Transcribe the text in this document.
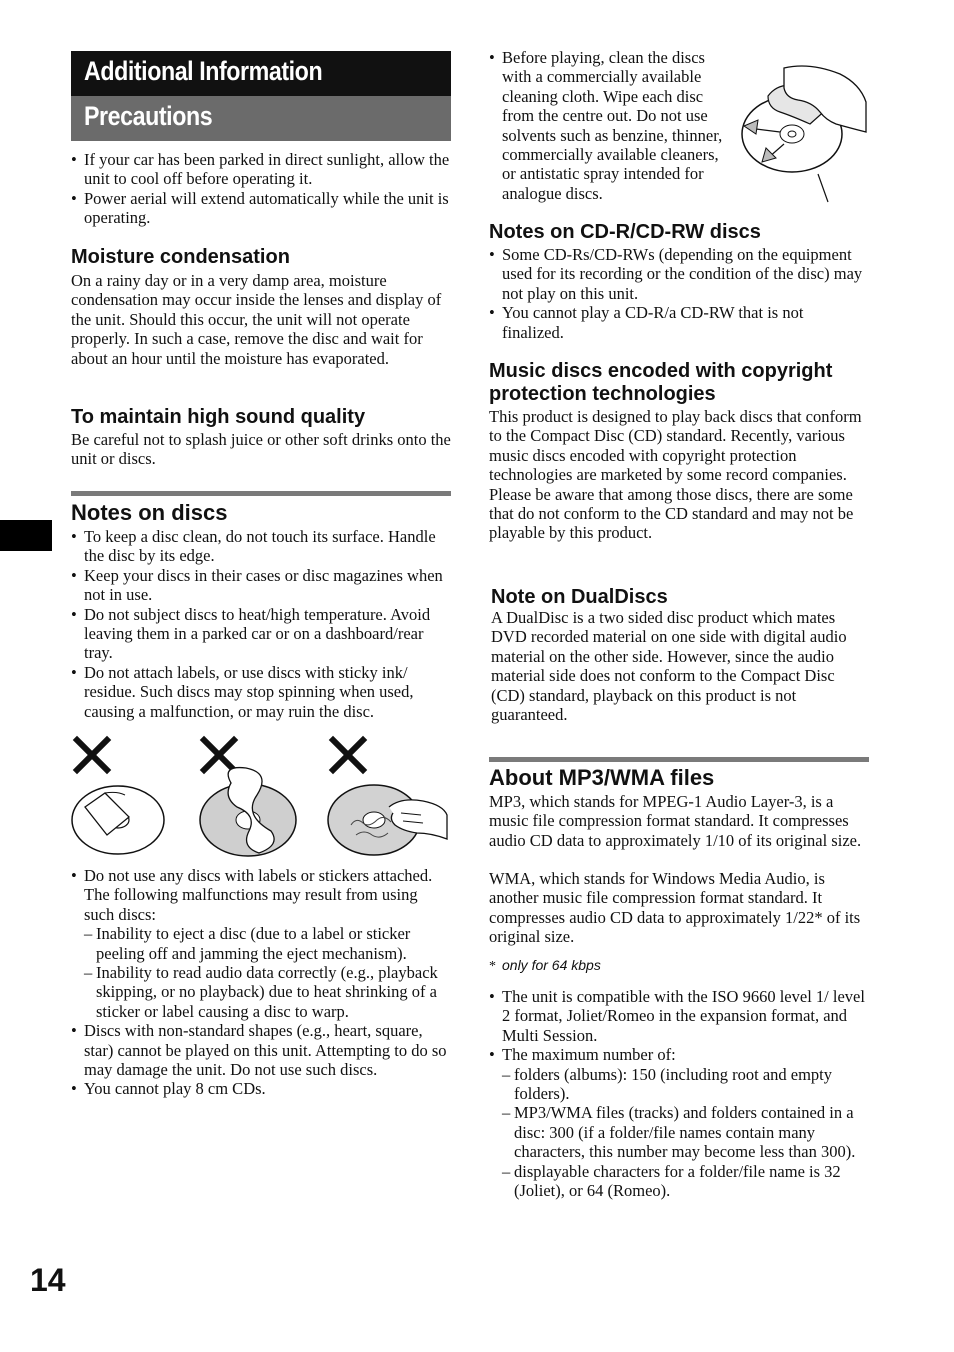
Additional Information
Precautions
14
• If your car has been parked in direct sunlight, allow the unit to cool off before operating it.
• Power aerial will extend automatically while the unit is operating.
Moisture condensation
On a rainy day or in a very damp area, moisture condensation may occur inside the lenses and display of the unit. Should this occur, the unit will not operate properly. In such a case, remove the disc and wait for about an hour until the moisture has evaporated.
To maintain high sound quality
Be careful not to splash juice or other soft drinks onto the unit or discs.
Notes on discs
• To keep a disc clean, do not touch its surface. Handle the disc by its edge.
• Keep your discs in their cases or disc magazines when not in use.
• Do not subject discs to heat/high temperature. Avoid leaving them in a parked car or on a dashboard/rear tray.
• Do not attach labels, or use discs with sticky ink/ residue. Such discs may stop spinning when used, causing a malfunction, or may ruin the disc.
• Do not use any discs with labels or stickers attached.
The following malfunctions may result from using such discs:
– Inability to eject a disc (due to a label or sticker peeling off and jamming the eject mechanism).
– Inability to read audio data correctly (e.g., playback skipping, or no playback) due to heat shrinking of a sticker or label causing a disc to warp.
• Discs with non-standard shapes (e.g., heart, square, star) cannot be played on this unit. Attempting to do so may damage the unit. Do not use such discs.
• You cannot play 8 cm CDs.
• Before playing, clean the discs with a commercially available cleaning cloth. Wipe each disc from the centre out. Do not use solvents such as benzine, thinner, commercially available cleaners, or antistatic spray intended for analogue discs.
Notes on CD-R/CD-RW discs
• Some CD-Rs/CD-RWs (depending on the equipment used for its recording or the condition of the disc) may not play on this unit.
• You cannot play a CD-R/a CD-RW that is not finalized.
Music discs encoded with copyright protection technologies
This product is designed to play back discs that conform to the Compact Disc (CD) standard. Recently, various music discs encoded with copyright protection technologies are marketed by some record companies. Please be aware that among those discs, there are some that do not conform to the CD standard and may not be playable by this product.
Note on DualDiscs
A DualDisc is a two sided disc product which mates DVD recorded material on one side with digital audio material on the other side. However, since the audio material side does not conform to the Compact Disc (CD) standard, playback on this product is not guaranteed.
About MP3/WMA files
MP3, which stands for MPEG-1 Audio Layer-3, is a music file compression format standard. It compresses audio CD data to approximately 1/10 of its original size.
WMA, which stands for Windows Media Audio, is another music file compression format standard. It compresses audio CD data to approximately 1/22* of its original size.
* only for 64 kbps
• The unit is compatible with the ISO 9660 level 1/ level 2 format, Joliet/Romeo in the expansion format, and Multi Session.
• The maximum number of:
– folders (albums): 150 (including root and empty folders).
– MP3/WMA files (tracks) and folders contained in a disc: 300 (if a folder/file names contain many characters, this number may become less than 300).
– displayable characters for a folder/file name is 32 (Joliet), or 64 (Romeo).
